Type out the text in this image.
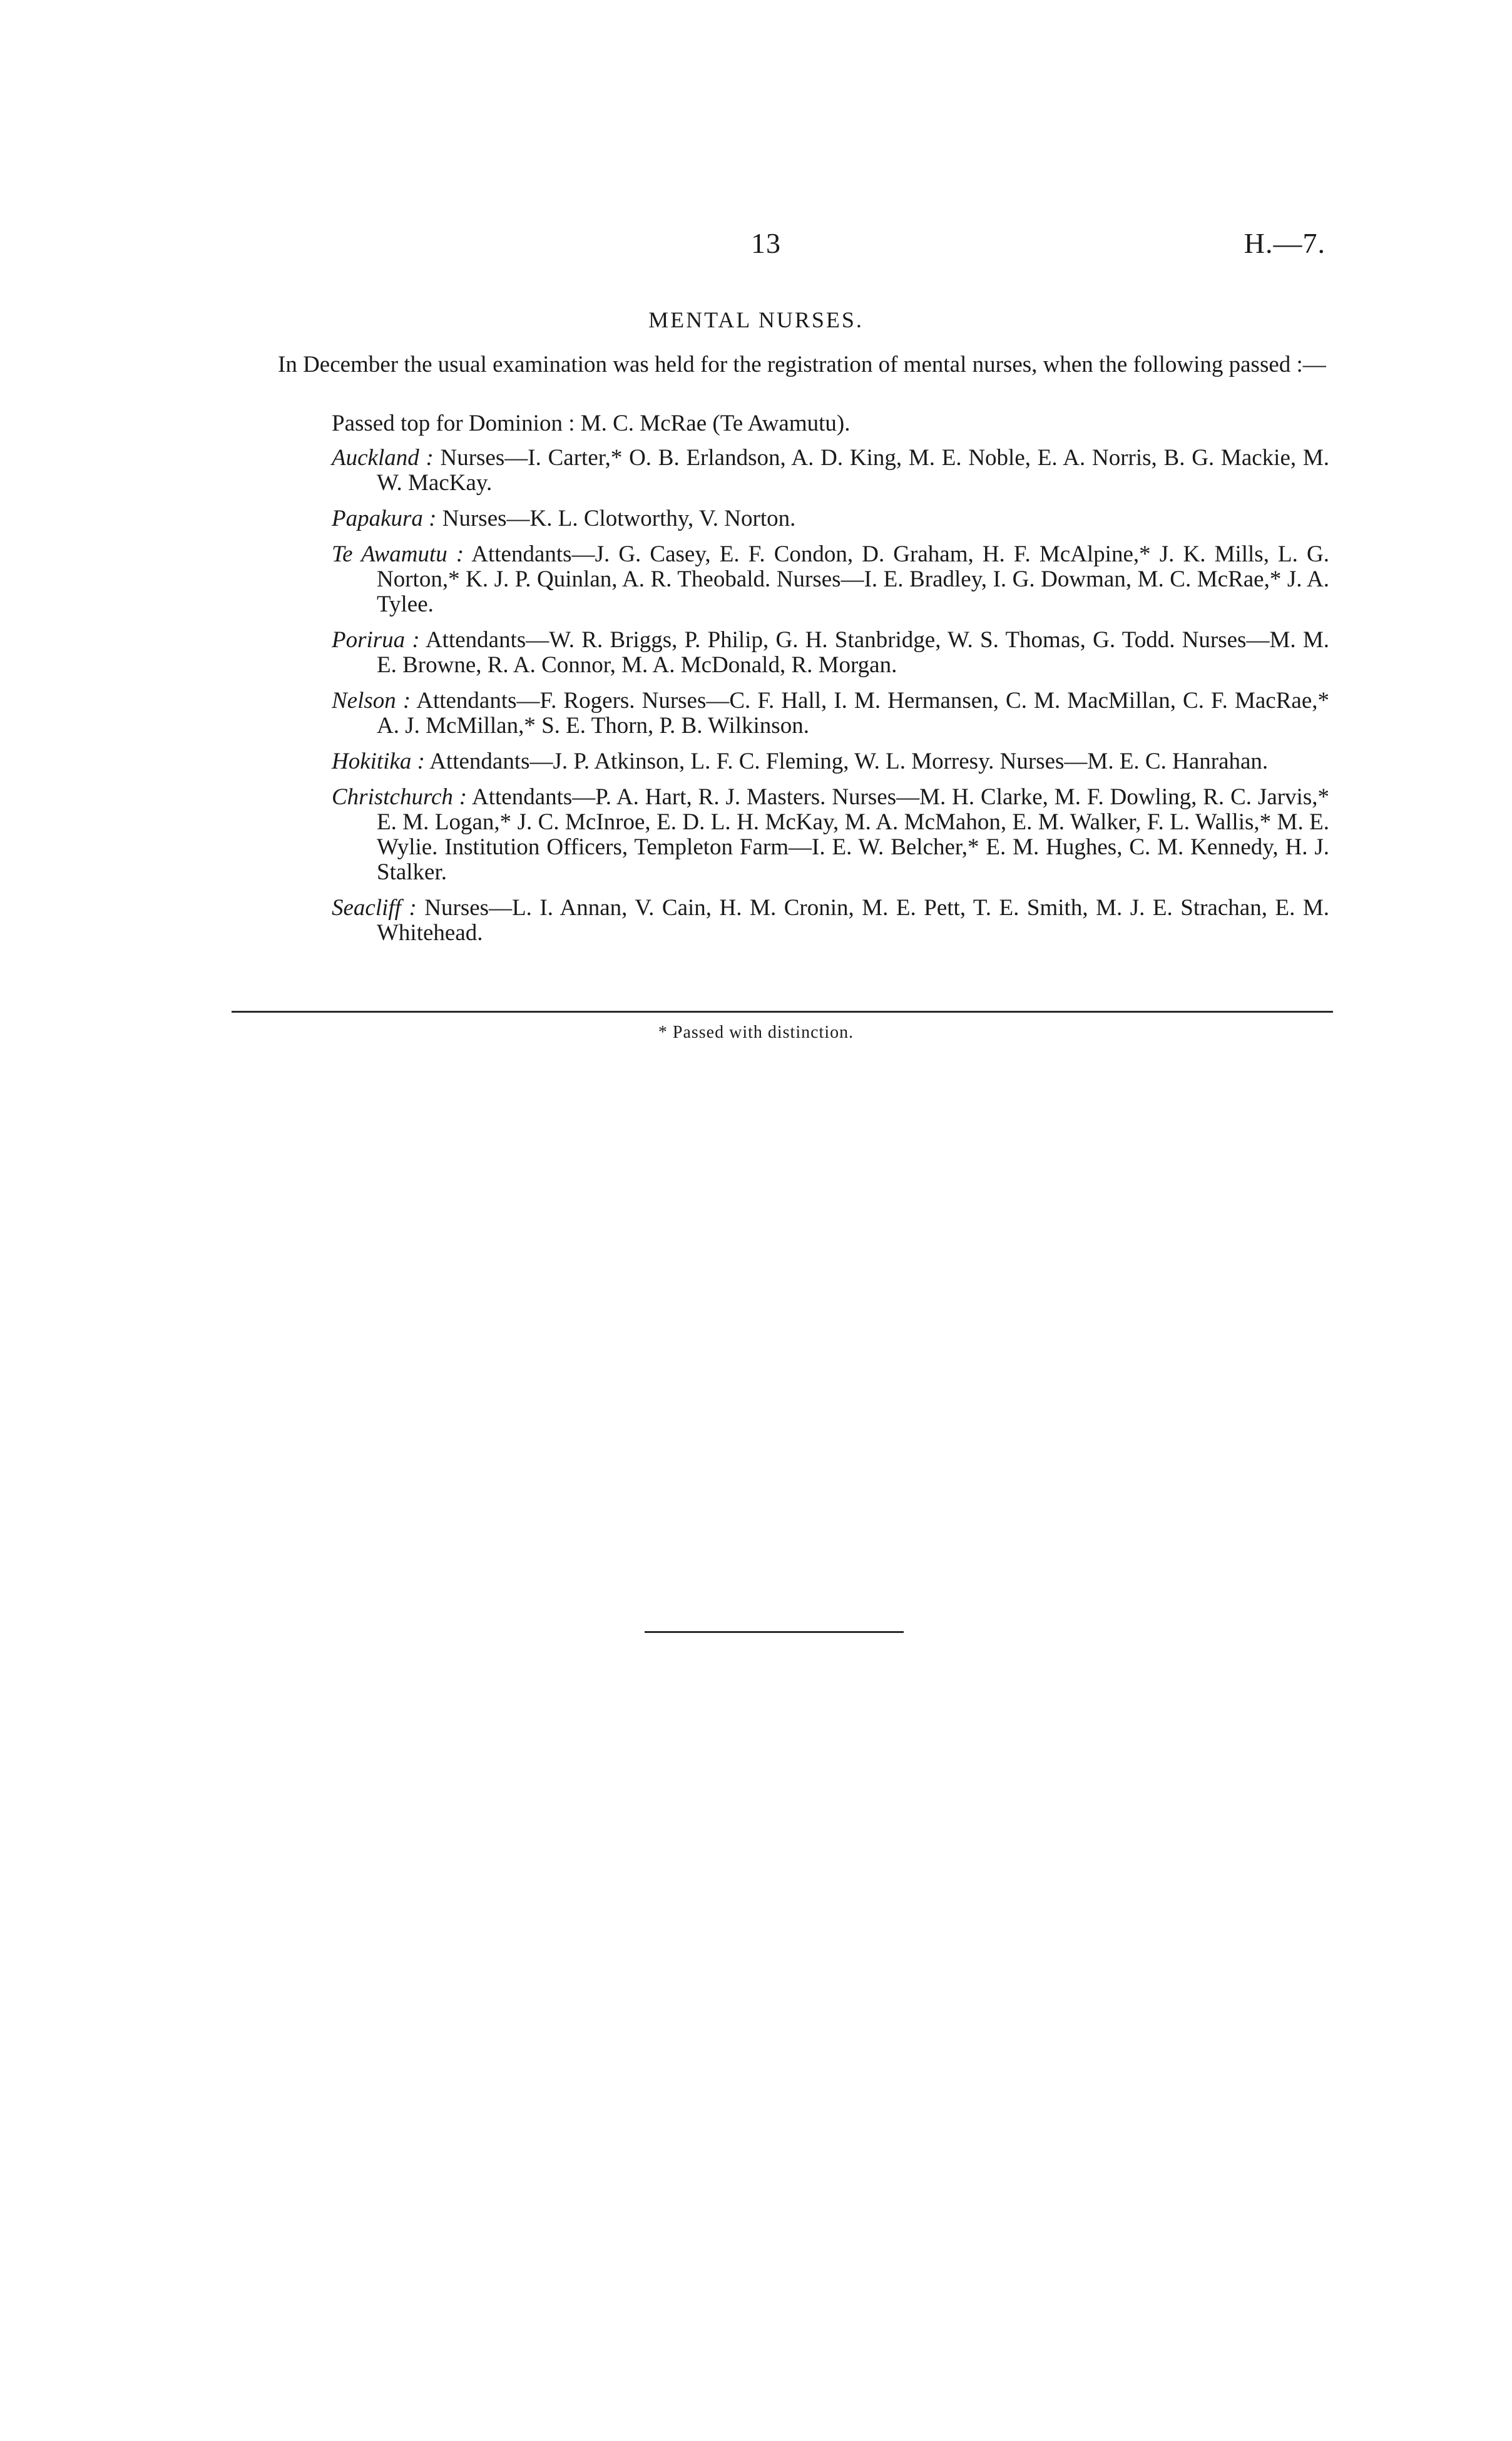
13	H.—7.
MENTAL NURSES.

In December the usual examination was held for the registration of mental nurses, when the following passed :—

Passed top for Dominion : M. C. McRae (Te Awamutu).

Auckland : Nurses—I. Carter,* O. B. Erlandson, A. D. King, M. E. Noble, E. A. Norris, B. G. Mackie, M. W. MacKay.

Papakura : Nurses—K. L. Clotworthy, V. Norton.

Te Awamutu : Attendants—J. G. Casey, E. F. Condon, D. Graham, H. F. McAlpine,* J. K. Mills, L. G. Norton,* K. J. P. Quinlan, A. R. Theobald. Nurses—I. E. Bradley, I. G. Dowman, M. C. McRae,* J. A. Tylee.

Porirua : Attendants—W. R. Briggs, P. Philip, G. H. Stanbridge, W. S. Thomas, G. Todd. Nurses—M. M. E. Browne, R. A. Connor, M. A. McDonald, R. Morgan.

Nelson : Attendants—F. Rogers. Nurses—C. F. Hall, I. M. Hermansen, C. M. MacMillan, C. F. MacRae,* A. J. McMillan,* S. E. Thorn, P. B. Wilkinson.

Hokitika : Attendants—J. P. Atkinson, L. F. C. Fleming, W. L. Morresy. Nurses—M. E. C. Hanrahan.

Christchurch : Attendants—P. A. Hart, R. J. Masters. Nurses—M. H. Clarke, M. F. Dowling, R. C. Jarvis,* E. M. Logan,* J. C. McInroe, E. D. L. H. McKay, M. A. McMahon, E. M. Walker, F. L. Wallis,* M. E. Wylie. Institution Officers, Templeton Farm—I. E. W. Belcher,* E. M. Hughes, C. M. Kennedy, H. J. Stalker.

Seacliff : Nurses—L. I. Annan, V. Cain, H. M. Cronin, M. E. Pett, T. E. Smith, M. J. E. Strachan, E. M. Whitehead.

* Passed with distinction.
